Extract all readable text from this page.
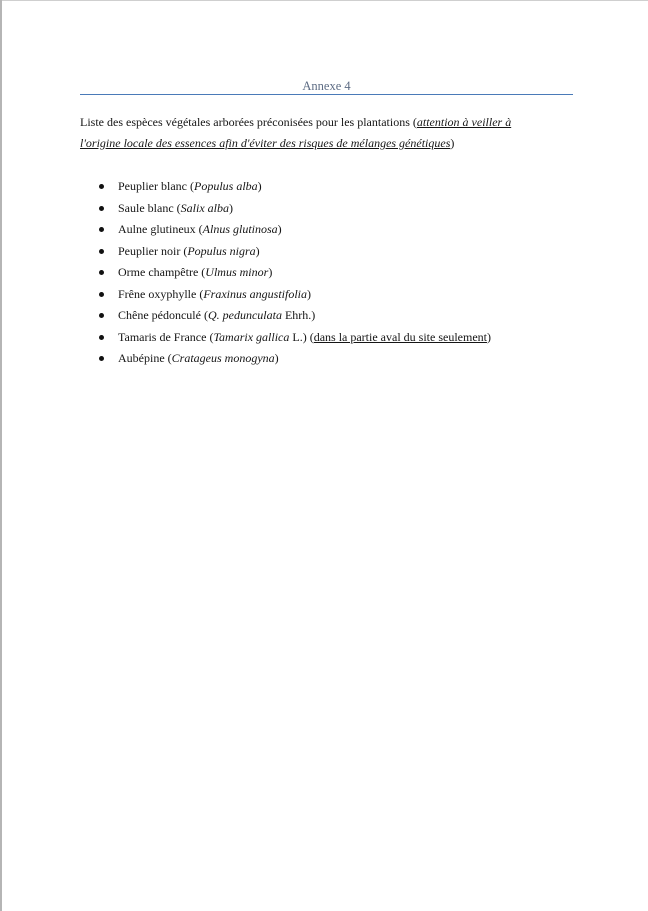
Annexe 4
Liste des espèces végétales arborées préconisées pour les plantations (attention à veiller à l'origine locale des essences afin d'éviter des risques de mélanges génétiques)
Peuplier blanc (Populus alba)
Saule blanc (Salix alba)
Aulne glutineux (Alnus glutinosa)
Peuplier noir (Populus nigra)
Orme champêtre (Ulmus minor)
Frêne oxyphylle (Fraxinus angustifolia)
Chêne pédonculé (Q. pedunculata Ehrh.)
Tamaris de France (Tamarix gallica L.) (dans la partie aval du site seulement)
Aubépine (Cratageus monogyna)
